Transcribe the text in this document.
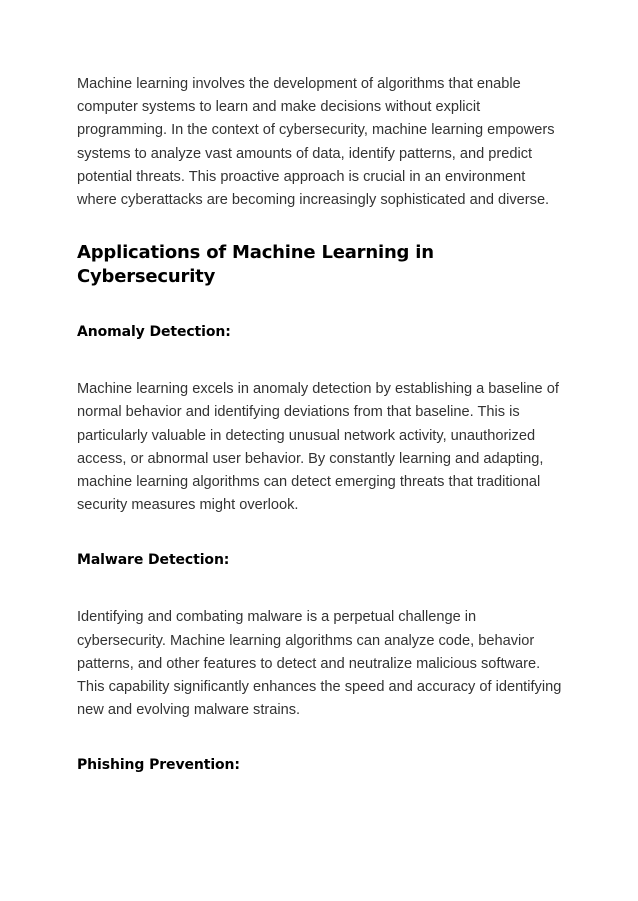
Machine learning involves the development of algorithms that enable computer systems to learn and make decisions without explicit programming. In the context of cybersecurity, machine learning empowers systems to analyze vast amounts of data, identify patterns, and predict potential threats. This proactive approach is crucial in an environment where cyberattacks are becoming increasingly sophisticated and diverse.

Applications of Machine Learning in Cybersecurity
Anomaly Detection:

Machine learning excels in anomaly detection by establishing a baseline of normal behavior and identifying deviations from that baseline. This is particularly valuable in detecting unusual network activity, unauthorized access, or abnormal user behavior. By constantly learning and adapting, machine learning algorithms can detect emerging threats that traditional security measures might overlook.

Malware Detection:

Identifying and combating malware is a perpetual challenge in cybersecurity. Machine learning algorithms can analyze code, behavior patterns, and other features to detect and neutralize malicious software. This capability significantly enhances the speed and accuracy of identifying new and evolving malware strains.

Phishing Prevention:
